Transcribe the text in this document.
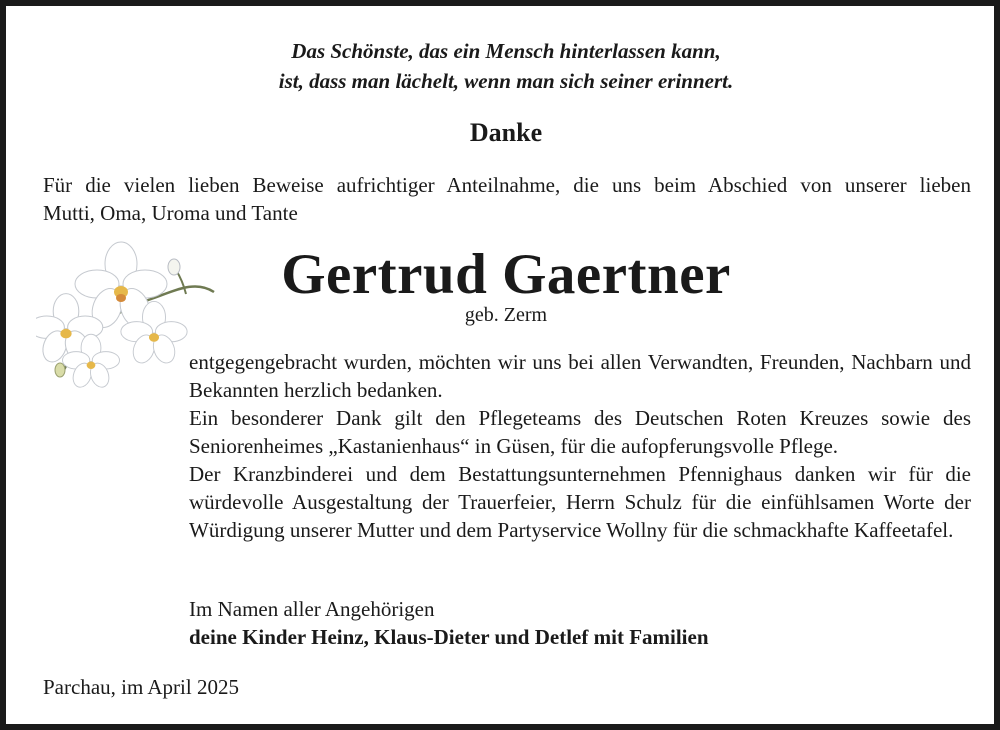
Das Schönste, das ein Mensch hinterlassen kann,
ist, dass man lächelt, wenn man sich seiner erinnert.
Danke
Für die vielen lieben Beweise aufrichtiger Anteilnahme, die uns beim Abschied von unserer lieben
Mutti, Oma, Uroma und Tante
Gertrud Gaertner
geb. Zerm

entgegengebracht wurden, möchten wir uns bei allen Verwandten, Freunden, Nachbarn und Bekannten herzlich bedanken.

Ein besonderer Dank gilt den Pflegeteams des Deutschen Roten Kreuzes sowie des Seniorenheimes „Kastanienhaus“ in Güsen, für die aufopferungsvolle Pflege.

Der Kranzbinderei und dem Bestattungsunternehmen Pfennighaus danken wir für die würdevolle Ausgestaltung der Trauerfeier, Herrn Schulz für die einfühlsamen Worte der Würdigung unserer Mutter und dem Partyservice Wollny für die schmackhafte Kaffeetafel.

Im Namen aller Angehörigen
deine Kinder Heinz, Klaus-Dieter und Detlef mit Familien
Parchau, im April 2025
